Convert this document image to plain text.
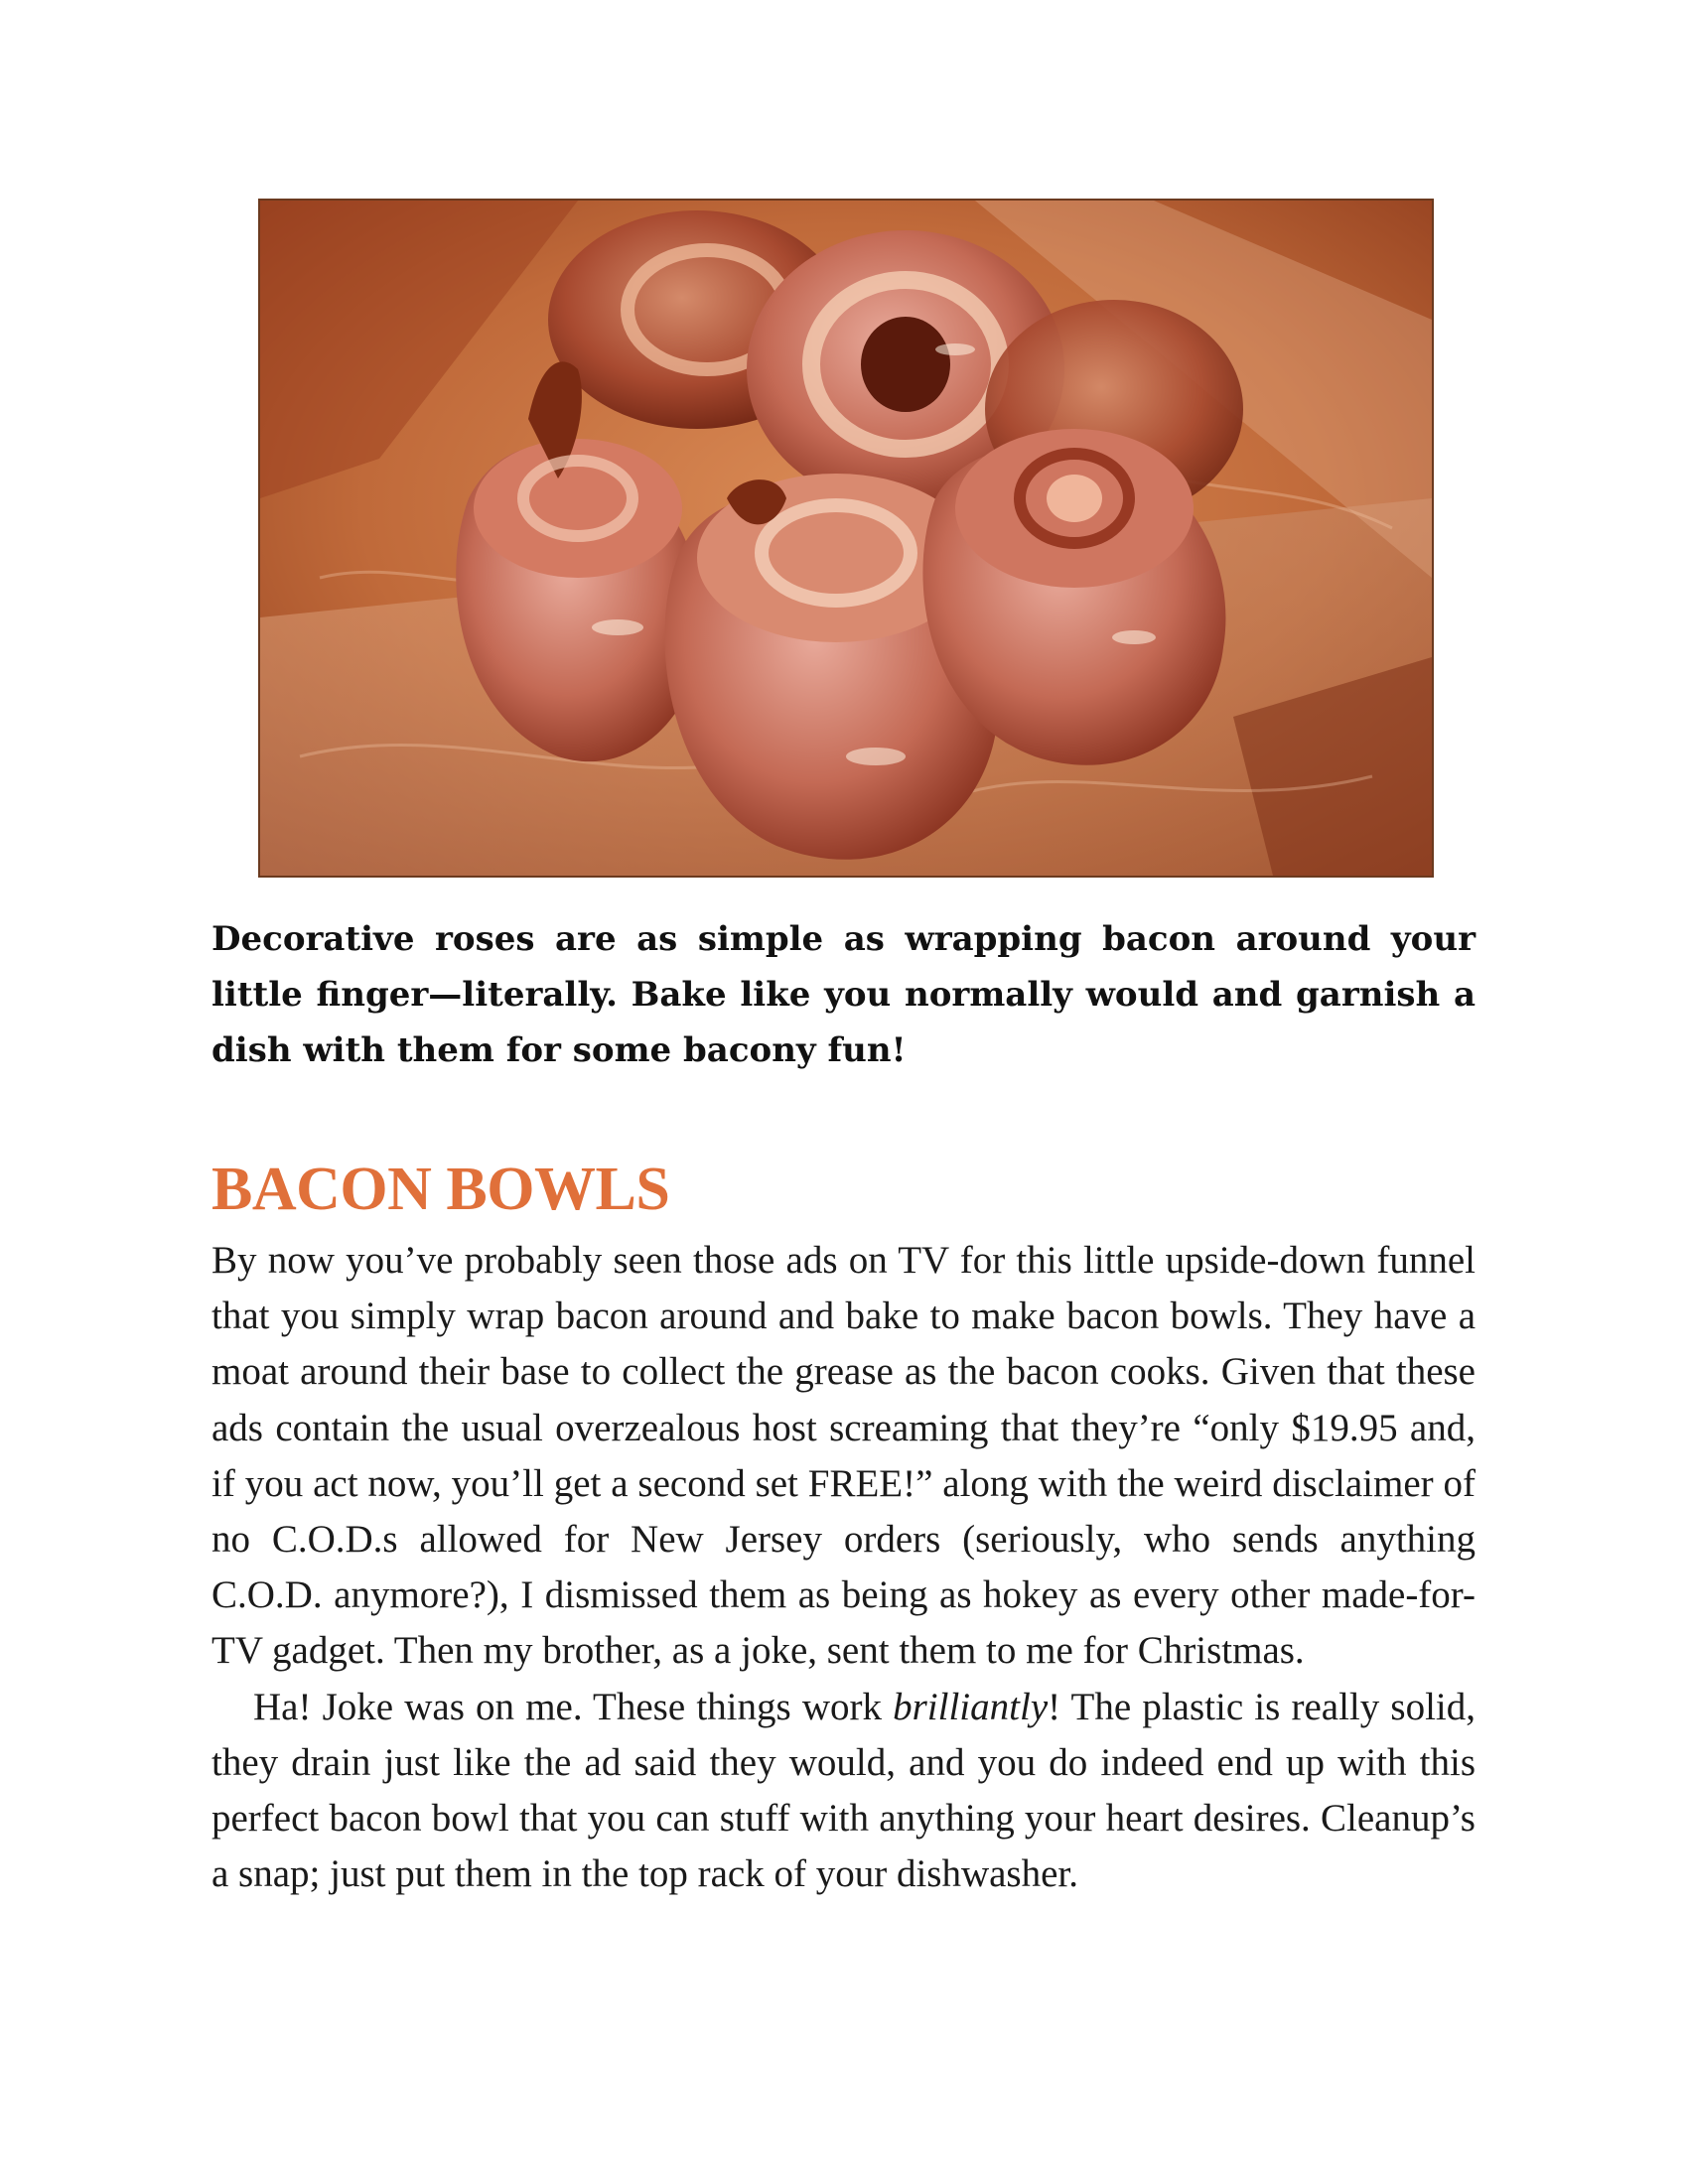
Decorative roses are as simple as wrapping bacon around your little finger—literally. Bake like you normally would and garnish a dish with them for some bacony fun!

BACON BOWLS

By now you’ve probably seen those ads on TV for this little upside-down funnel that you simply wrap bacon around and bake to make bacon bowls. They have a moat around their base to collect the grease as the bacon cooks. Given that these ads contain the usual overzealous host screaming that they’re “only $19.95 and, if you act now, you’ll get a second set FREE!” along with the weird disclaimer of no C.O.D.s allowed for New Jersey orders (seriously, who sends anything C.O.D. anymore?), I dismissed them as being as hokey as every other made-for-TV gadget. Then my brother, as a joke, sent them to me for Christmas.

Ha! Joke was on me. These things work brilliantly! The plastic is really solid, they drain just like the ad said they would, and you do indeed end up with this perfect bacon bowl that you can stuff with anything your heart desires. Cleanup’s a snap; just put them in the top rack of your dishwasher.
